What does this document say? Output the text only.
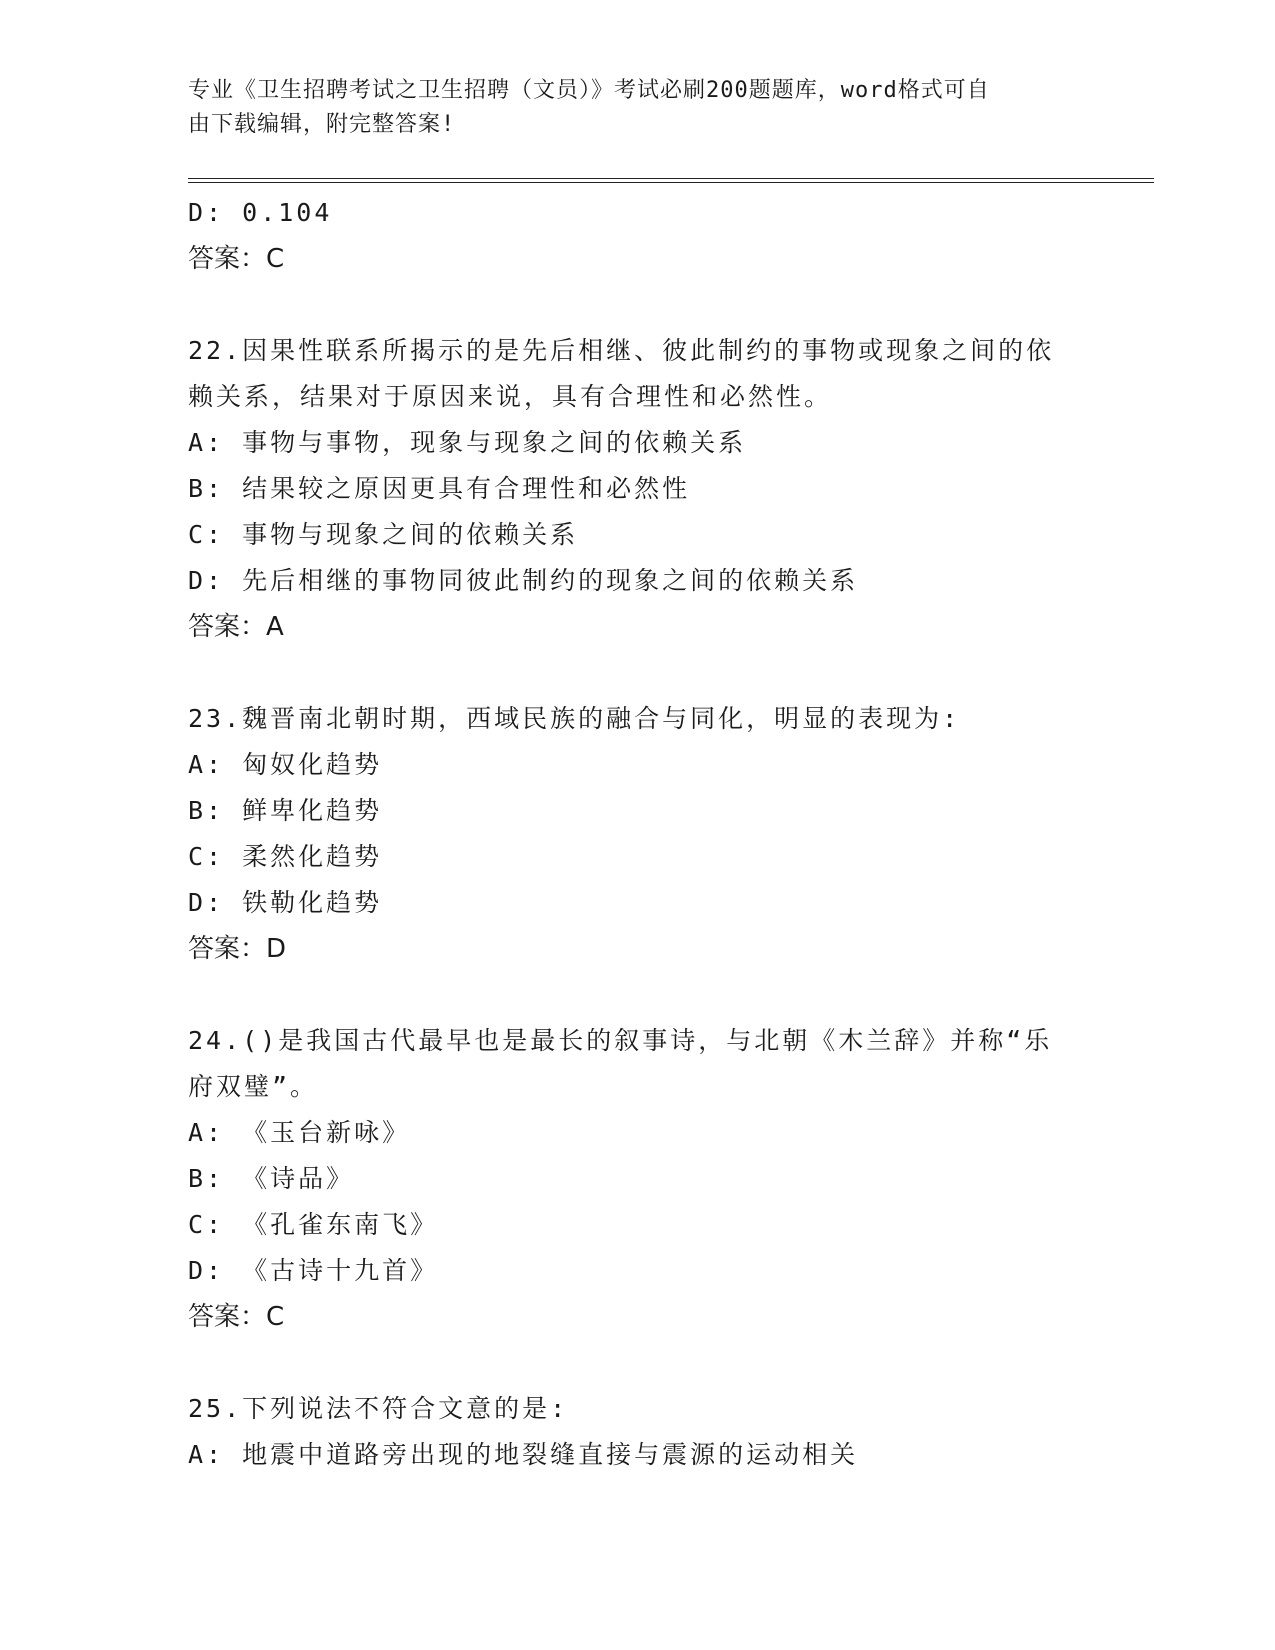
专业《卫生招聘考试之卫生招聘（文员）》考试必刷200题题库，word格式可自
由下载编辑，附完整答案!
D: 0.104
答案：C
22.因果性联系所揭示的是先后相继、彼此制约的事物或现象之间的依
赖关系，结果对于原因来说，具有合理性和必然性。
A: 事物与事物，现象与现象之间的依赖关系
B: 结果较之原因更具有合理性和必然性
C: 事物与现象之间的依赖关系
D: 先后相继的事物同彼此制约的现象之间的依赖关系
答案：A
23.魏晋南北朝时期，西域民族的融合与同化，明显的表现为:
A: 匈奴化趋势
B: 鲜卑化趋势
C: 柔然化趋势
D: 铁勒化趋势
答案：D
24.()是我国古代最早也是最长的叙事诗，与北朝《木兰辞》并称“乐
府双璧”。
A: 《玉台新咏》
B: 《诗品》
C: 《孔雀东南飞》
D: 《古诗十九首》
答案：C
25.下列说法不符合文意的是:
A: 地震中道路旁出现的地裂缝直接与震源的运动相关
